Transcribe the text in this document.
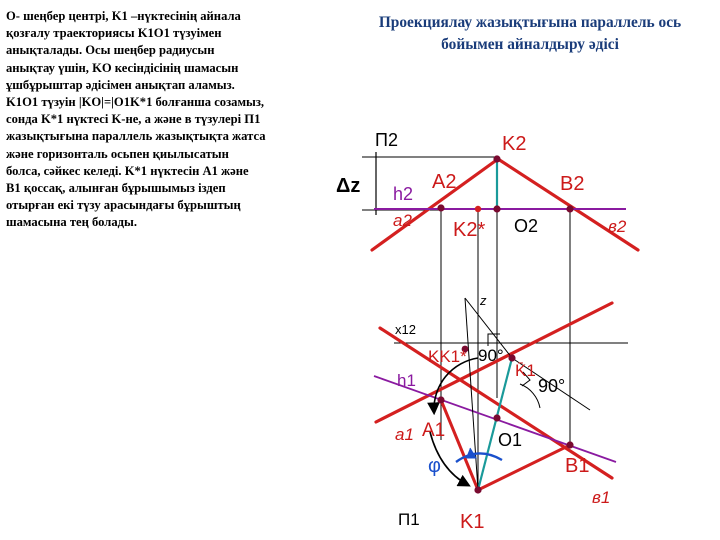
O- шеңбер центрі, K1 –нүктесінің айнала
қозғалу траекториясы K1O1 түзуімен
анықталады. Осы шеңбер радиусын
анықтау үшін, KO кесіндісінің шамасын
ұшбұрыштар әдісімен анықтап аламыз.
K1O1 түзуін |KO|=|O1K*1 болғанша созамыз,
сонда K*1 нүктесі K-не, a және в түзулері П1
жазықтығына параллель жазықтықта жатса
және горизонталь осьпен қиылысатын
болса, сәйкес келеді. K*1 нүктесін A1 және
B1 қоссақ, алынған бұрышымыз іздеп
отырған екі түзу арасындағы бұрыштың
шамасына тең болады.
Проекциялау жазықтығына параллель ось
бойымен айналдыру әдісі
П2
Δz
K2
A2	B2
h2
a2	в2
K2* O2
x12
z
KK1* 90°
K̄1
90°
h1
a1 A1	O1
φ	B1
в1
П1 K1
